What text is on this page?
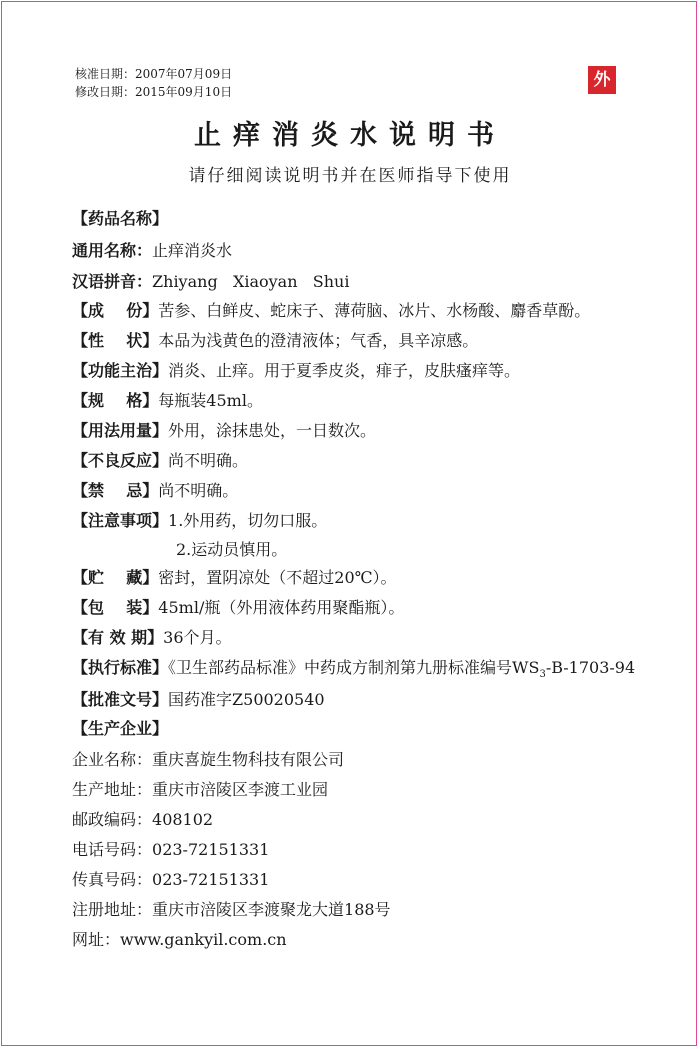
核准日期：2007年07月09日
修改日期：2015年09月10日
外
止痒消炎水说明书
请仔细阅读说明书并在医师指导下使用
【药品名称】
通用名称：止痒消炎水
汉语拼音：Zhiyang   Xiaoyan   Shui
【成    份】苦参、白鲜皮、蛇床子、薄荷脑、冰片、水杨酸、麝香草酚。
【性    状】本品为浅黄色的澄清液体；气香，具辛凉感。
【功能主治】消炎、止痒。用于夏季皮炎，痱子，皮肤瘙痒等。
【规    格】每瓶装45ml。
【用法用量】外用，涂抹患处，一日数次。
【不良反应】尚不明确。
【禁    忌】尚不明确。
【注意事项】1.外用药，切勿口服。
2.运动员慎用。
【贮    藏】密封，置阴凉处（不超过20℃）。
【包    装】45ml/瓶（外用液体药用聚酯瓶）。
【有 效 期】36个月。
【执行标准】《卫生部药品标准》中药成方制剂第九册标准编号$WS_3-B-1703-94$
【批准文号】国药准字Z50020540
【生产企业】
企业名称：重庆喜旋生物科技有限公司
生产地址：重庆市涪陵区李渡工业园
邮政编码：408102
电话号码：023-72151331
传真号码：023-72151331
注册地址：重庆市涪陵区李渡聚龙大道188号
网址：www.gankyil.com.cn
